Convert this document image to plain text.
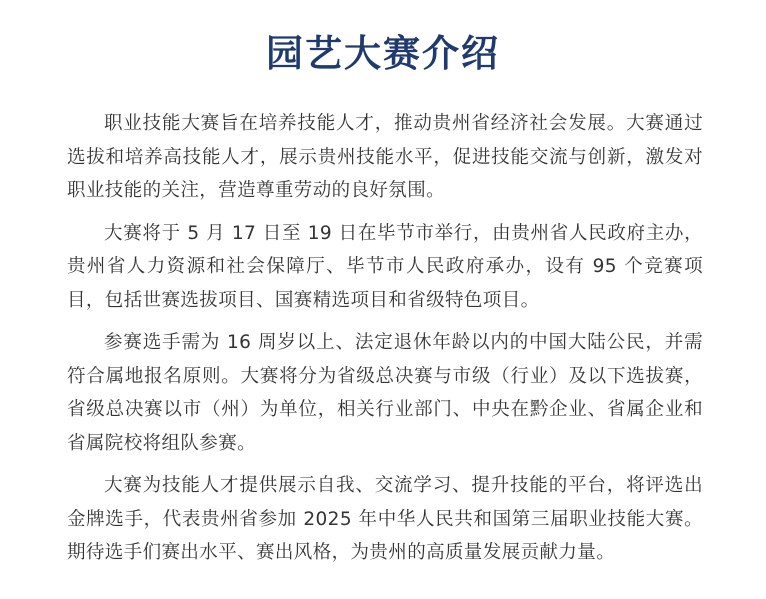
园艺大赛介绍

职业技能大赛旨在培养技能人才，推动贵州省经济社会发展。大赛通过选拔和培养高技能人才，展示贵州技能水平，促进技能交流与创新，激发对职业技能的关注，营造尊重劳动的良好氛围。

大赛将于 5 月 17 日至 19 日在毕节市举行，由贵州省人民政府主办，贵州省人力资源和社会保障厅、毕节市人民政府承办，设有 95 个竞赛项目，包括世赛选拔项目、国赛精选项目和省级特色项目。

参赛选手需为 16 周岁以上、法定退休年龄以内的中国大陆公民，并需符合属地报名原则。大赛将分为省级总决赛与市级（行业）及以下选拔赛，省级总决赛以市（州）为单位，相关行业部门、中央在黔企业、省属企业和省属院校将组队参赛。

大赛为技能人才提供展示自我、交流学习、提升技能的平台，将评选出金牌选手，代表贵州省参加 2025 年中华人民共和国第三届职业技能大赛。期待选手们赛出水平、赛出风格，为贵州的高质量发展贡献力量。
